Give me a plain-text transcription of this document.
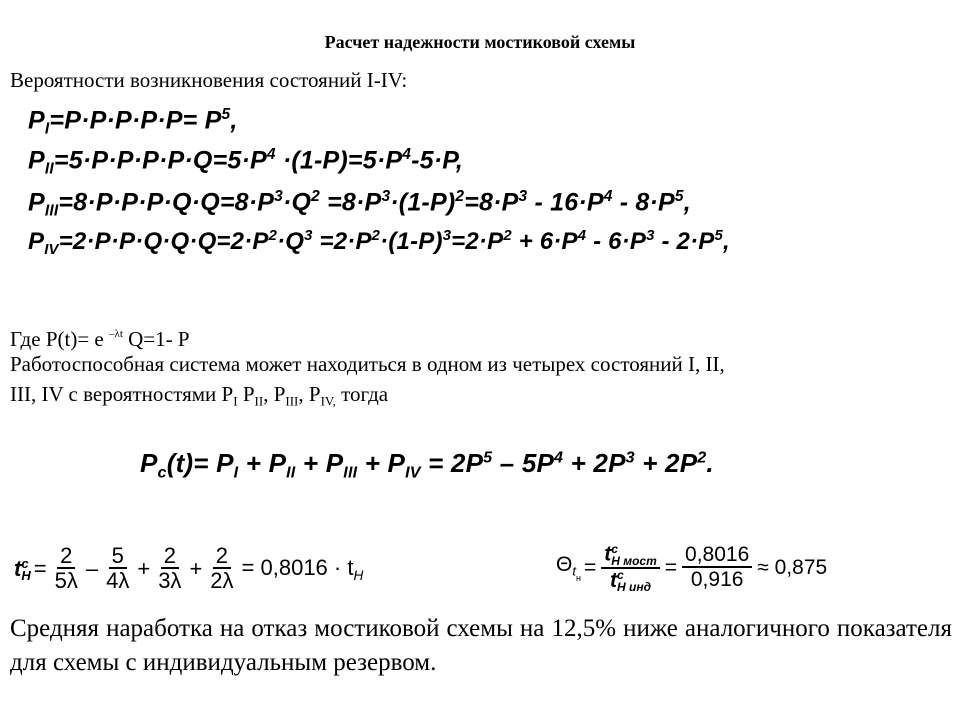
Расчет надежности мостиковой схемы
Вероятности возникновения состояний I-IV:
$P_I=P\cdot P\cdot P\cdot P\cdot P= P^5$,
$P_{II}=5\cdot P\cdot P\cdot P\cdot P\cdot Q=5\cdot P^4 \cdot(1-P)=5\cdot P^4-5\cdot P$,
$P_{III}=8\cdot P\cdot P\cdot P\cdot Q\cdot Q=8\cdot P^3\cdot Q^2 =8\cdot P^3\cdot(1-P)^2=8\cdot P^3 - 16\cdot P^4 - 8\cdot P^5$,
$P_{IV}=2\cdot P\cdot P\cdot Q\cdot Q\cdot Q=2\cdot P^2\cdot Q^3 =2\cdot P^2\cdot(1-P)^3=2\cdot P^2 + 6\cdot P^4 - 6\cdot P^3 - 2\cdot P^5$,
Где P(t)= e $^{-\lambda t}$ Q=1- P
Работоспособная система может находиться в одном из четырех состояний I, II,
III, IV с вероятностями $P_I$ $P_{II}$, $P_{III}$, $P_{IV,}$ тогда
$P_c(t)= P_I + P_{II} + P_{III} + P_{IV} = 2P^5 - 5P^4 + 2P^3 + 2P^2$.
t c
$H = \frac{2}{5\lambda} - \frac{5}{4\lambda} + \frac{2}{3\lambda} + \frac{2}{2\lambda} = 0,8016 \cdot t_H$	$\Theta_{tн} = t$ c
H мост
t c
H инд = $\frac{0,8016}{0,916} \approx 0,875$
Средняя наработка на отказ мостиковой схемы на 12,5% ниже аналогичного показателя для схемы с индивидуальным резервом.
